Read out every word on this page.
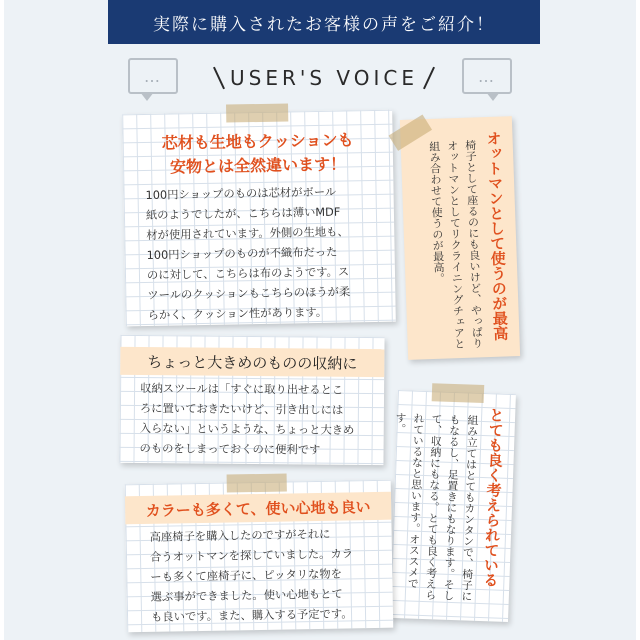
実際に購入されたお客様の声をご紹介！
…	…
USER'S VOICE
芯材も生地もクッションも
安物とは全然違います！
100円ショップのものは芯材がボール
紙のようでしたが、こちらは薄いMDF
材が使用されています。外側の生地も、
100円ショップのものが不織布だった
のに対して、こちらは布のようです。ス
ツールのクッションもこちらのほうが柔
らかく、クッション性があります。	オットマンとして使うのが最高
椅子として座るのにも良いけど、やっぱりオットマンとしてリクライニングチェアと組み合わせて使うのが最高。
ちょっと大きめのものの収納に
収納スツールは「すぐに取り出せるとこ
ろに置いておきたいけど、引き出しには
入らない」というような、ちょっと大きめ
のものをしまっておくのに便利です	とても良く考えられている
組み立てはとてもカンタンで、椅子にもなるし、足置きにもなります。そして、収納にもなる。とても良く考えられているなと思います。オススメです。
カラーも多くて、使い心地も良い
高座椅子を購入したのですがそれに
合うオットマンを探していました。カラ
ーも多くて座椅子に、ピッタリな物を
選ぶ事ができました。使い心地もとて
も良いです。また、購入する予定です。
